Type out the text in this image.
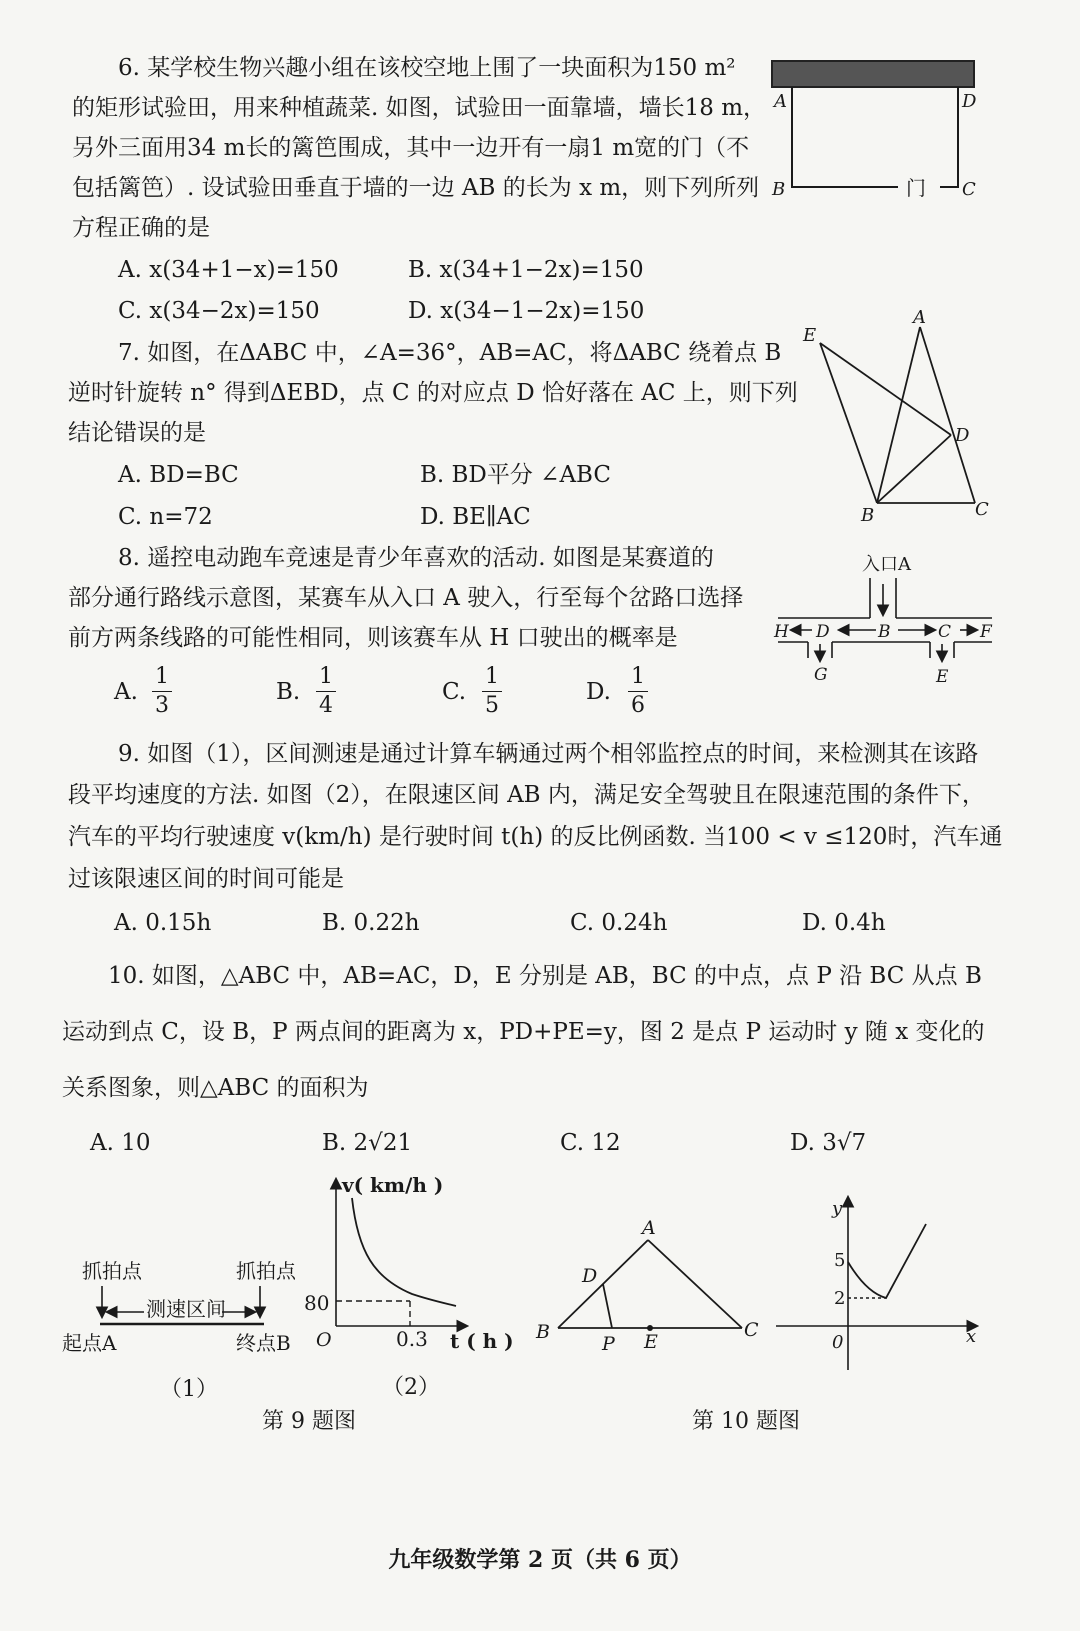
6. 某学校生物兴趣小组在该校空地上围了一块面积为150 m²
的矩形试验田，用来种植蔬菜. 如图，试验田一面靠墙，墙长18 m，
另外三面用34 m长的篱笆围成，其中一边开有一扇1 m宽的门（不
包括篱笆）. 设试验田垂直于墙的一边 AB 的长为 x m，则下列所列
方程正确的是
A. x(34+1−x)=150	B. x(34+1−2x)=150
C. x(34−2x)=150	D. x(34−1−2x)=150
A	D
B	C
门
7. 如图，在ΔABC 中，∠A=36°，AB=AC，将ΔABC 绕着点 B
逆时针旋转 n° 得到ΔEBD，点 C 的对应点 D 恰好落在 AC 上，则下列
结论错误的是
A. BD=BC	B. BD平分 ∠ABC
C. n=72	D. BE∥AC
A
E
D
B	C
8. 遥控电动跑车竞速是青少年喜欢的活动. 如图是某赛道的
部分通行路线示意图，某赛车从入口 A 驶入，行至每个岔路口选择
前方两条线路的可能性相同，则该赛车从 H 口驶出的概率是
A.
1
3
B.
1
4
C.
1
5
D.
1
6
入口A
H D	B	C F
G	E
9. 如图（1），区间测速是通过计算车辆通过两个相邻监控点的时间，来检测其在该路
段平均速度的方法. 如图（2），在限速区间 AB 内，满足安全驾驶且在限速范围的条件下，
汽车的平均行驶速度 v(km/h) 是行驶时间 t(h) 的反比例函数. 当100 < v ≤120时，汽车通
过该限速区间的时间可能是
A. 0.15h	B. 0.22h	C. 0.24h	D. 0.4h
10. 如图，△ABC 中，AB=AC，D，E 分别是 AB，BC 的中点，点 P 沿 BC 从点 B
运动到点 C，设 B，P 两点间的距离为 x，PD+PE=y，图 2 是点 P 运动时 y 随 x 变化的
关系图象，则△ABC 的面积为
A. 10	B. 2√21	C. 12	D. 3√7
抓拍点	抓拍点
测速区间
起点A	终点B
（1）
v( km/h )
O
80
0.3 t ( h )
（2）
第 9 题图
A
D
B	C
P E
y
x
0
5
2
第 10 题图
九年级数学第 2 页（共 6 页）
